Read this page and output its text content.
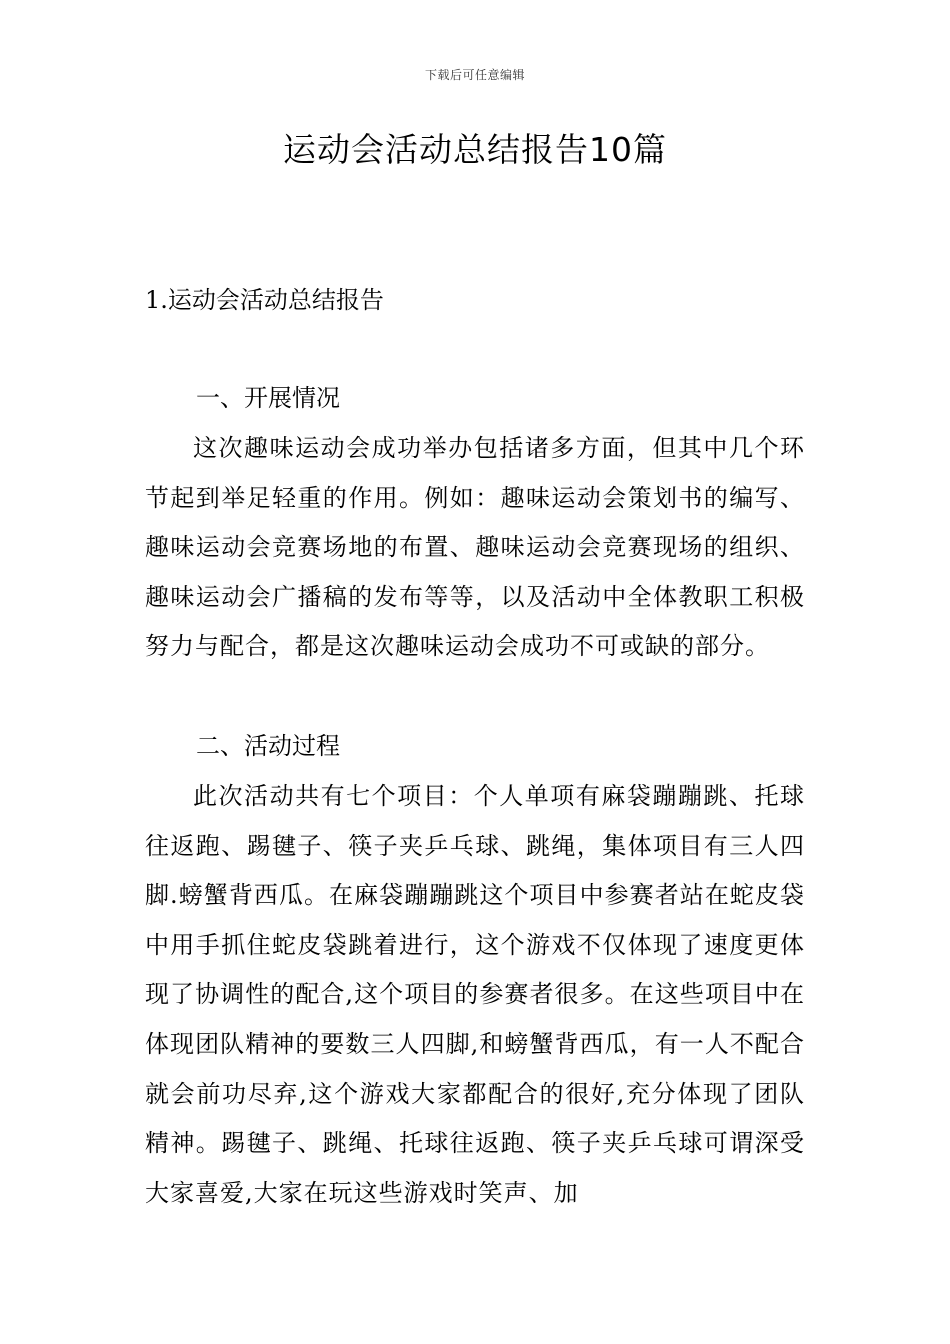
下载后可任意编辑
运动会活动总结报告10篇
1.运动会活动总结报告
一、开展情况

这次趣味运动会成功举办包括诸多方面，但其中几个环节起到举足轻重的作用。例如：趣味运动会策划书的编写、趣味运动会竞赛场地的布置、趣味运动会竞赛现场的组织、趣味运动会广播稿的发布等等，以及活动中全体教职工积极努力与配合，都是这次趣味运动会成功不可或缺的部分。

二、活动过程

此次活动共有七个项目：个人单项有麻袋蹦蹦跳、托球往返跑、踢毽子、筷子夹乒乓球、跳绳，集体项目有三人四脚.螃蟹背西瓜。在麻袋蹦蹦跳这个项目中参赛者站在蛇皮袋中用手抓住蛇皮袋跳着进行，这个游戏不仅体现了速度更体现了协调性的配合,这个项目的参赛者很多。在这些项目中在体现团队精神的要数三人四脚,和螃蟹背西瓜，有一人不配合就会前功尽弃,这个游戏大家都配合的很好,充分体现了团队精神。踢毽子、跳绳、托球往返跑、筷子夹乒乓球可谓深受大家喜爱,大家在玩这些游戏时笑声、加
